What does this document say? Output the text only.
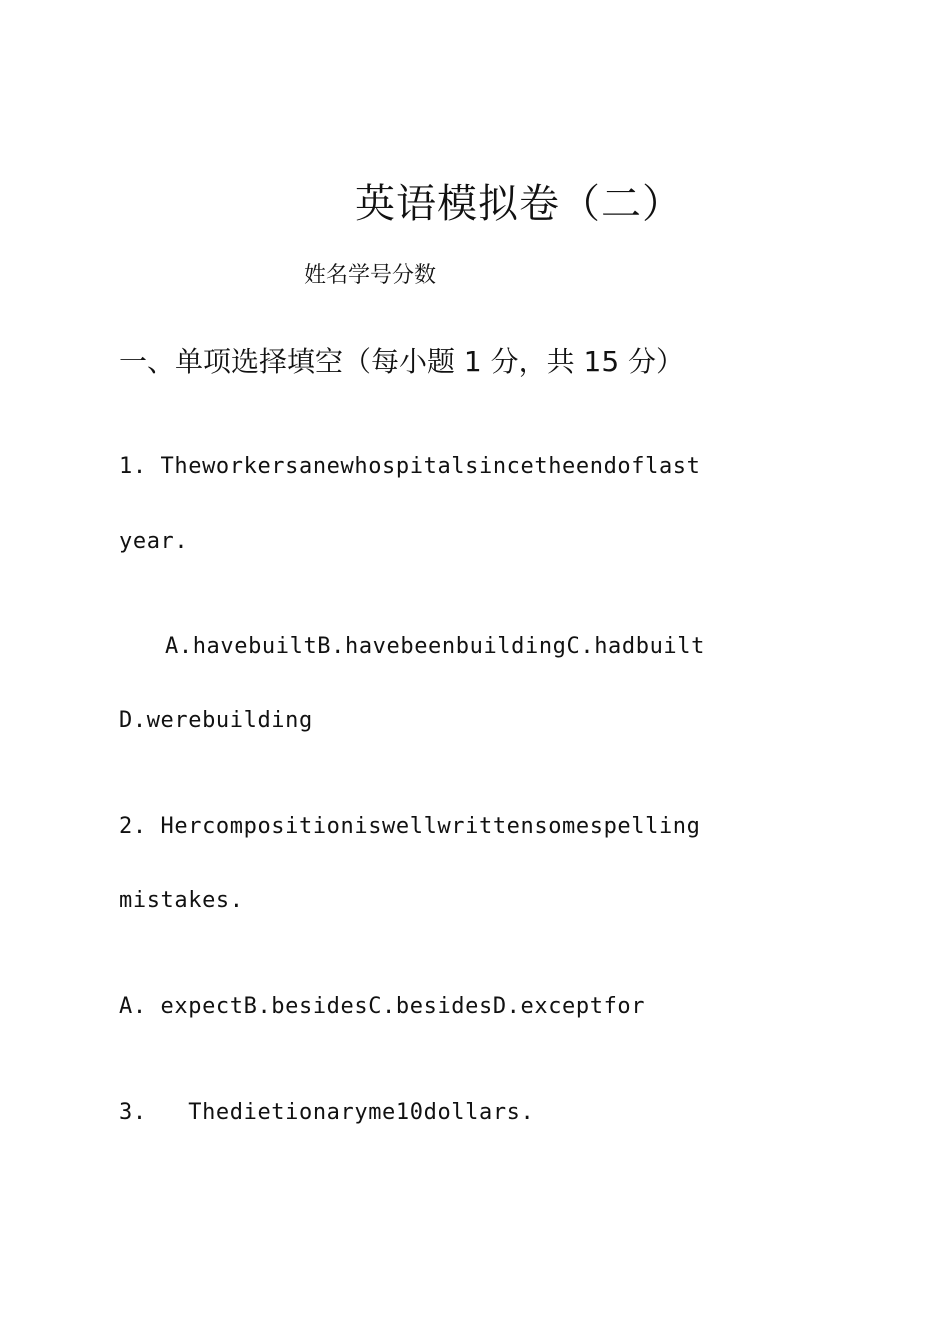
英语模拟卷（二）
姓名学号分数
一、单项选择填空（每小题 1 分，共 15 分）
1. Theworkersanewhospitalsincetheendoflast
year.
A.havebuiltB.havebeenbuildingC.hadbuilt
D.werebuilding
2. Hercompositioniswellwrittensomespelling
mistakes.
A. expectB.besidesC.besidesD.exceptfor
3.   Thedietionaryme10dollars.
